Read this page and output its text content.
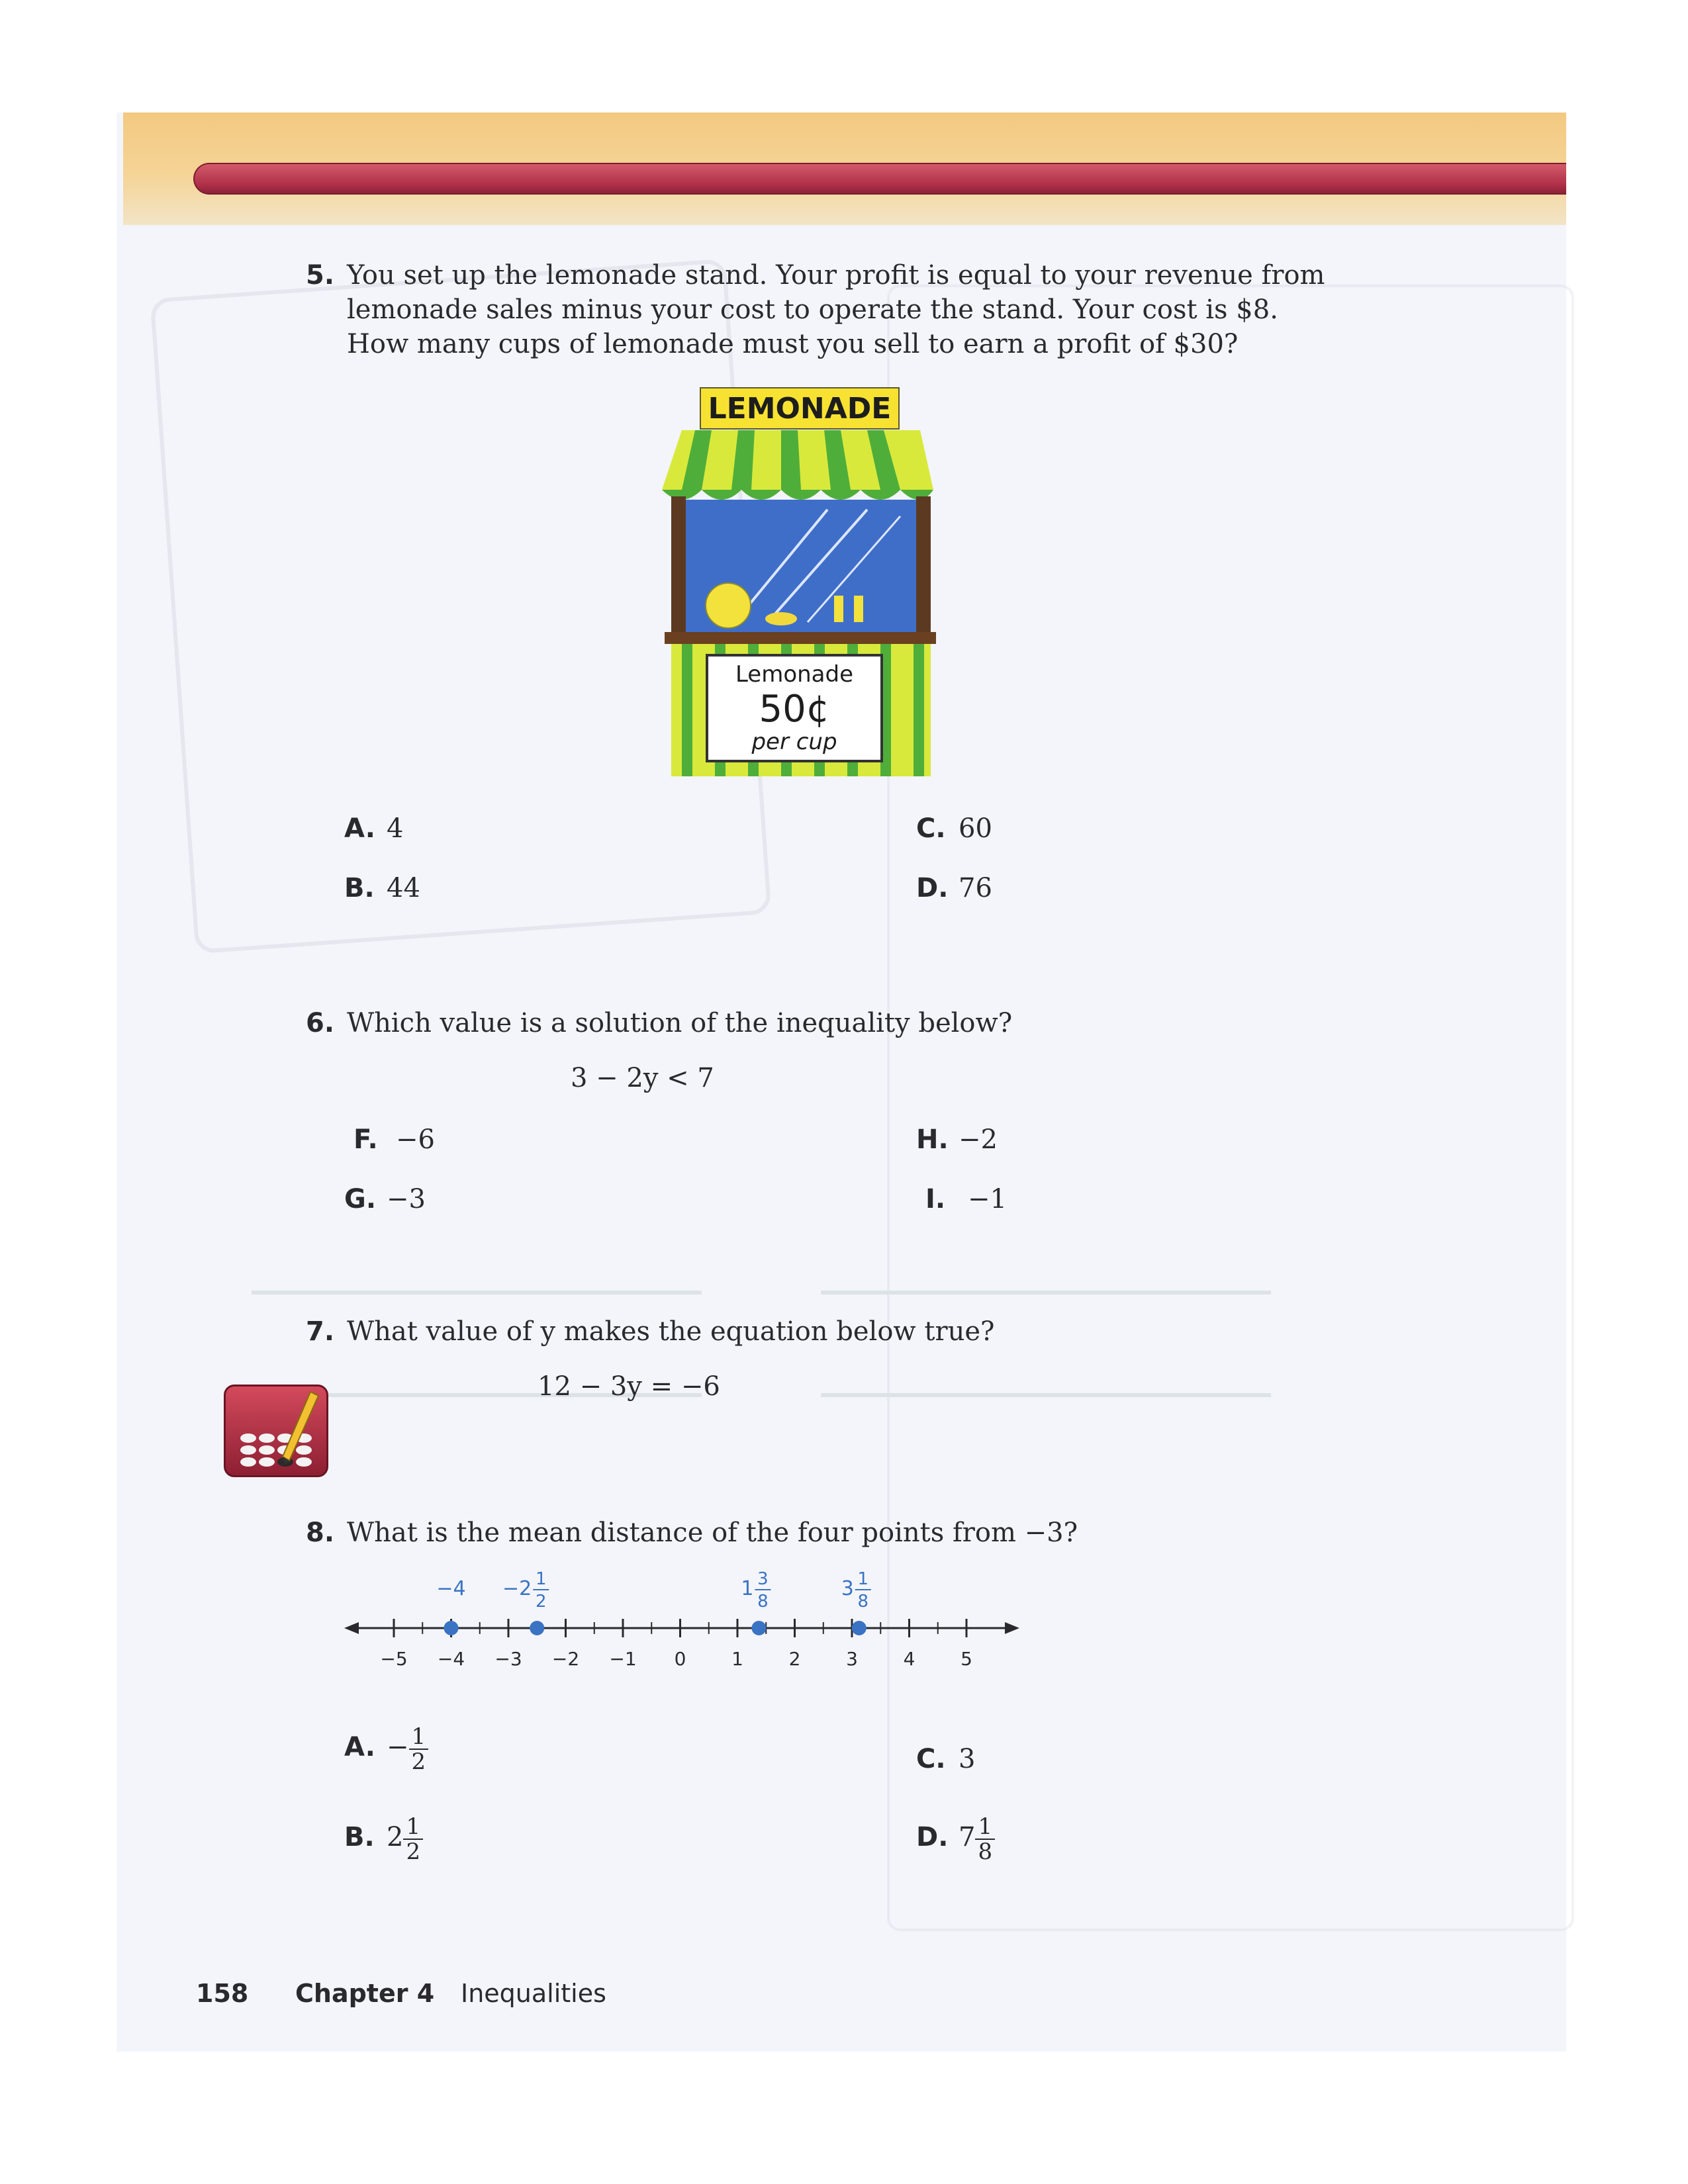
5. You set up the lemonade stand. Your profit is equal to your revenue from
lemonade sales minus your cost to operate the stand. Your cost is $8.
How many cups of lemonade must you sell to earn a profit of $30?
LEMONADE
Lemonade
50¢
per cup
A. 4
B. 44
C. 60
D. 76
6. Which value is a solution of the inequality below?
3 − 2y < 7
F. −6
G. −3
H. −2
I. −1
7. What value of y makes the equation below true?
12 − 3y = −6
8. What is the mean distance of the four points from −3?
−5 −4 −3 −2 −1 0 1 2 3 4 5
−4 −2 1
2
1 3
8
3 1
8
A. − $\frac{1}{2}$
B. $2 \frac{1}{2}$
C. 3
D. $7 \frac{1}{8}$
158 Chapter 4 Inequalities
